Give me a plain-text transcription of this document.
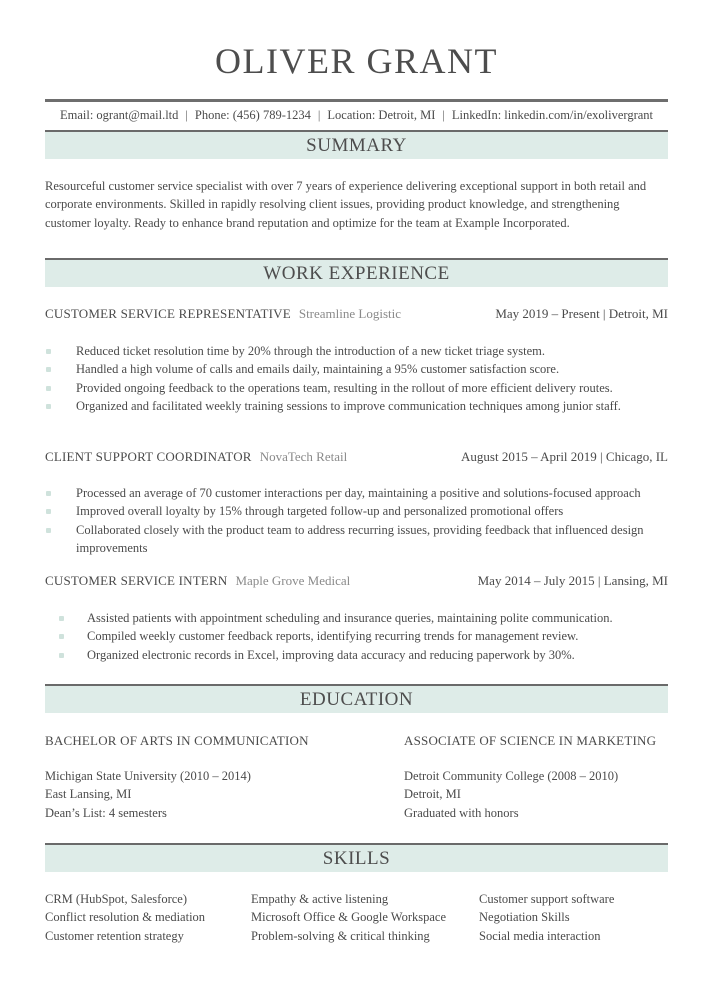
OLIVER GRANT
Email: ogrant@mail.ltd | Phone: (456) 789-1234 | Location: Detroit, MI | LinkedIn: linkedin.com/in/exolivergrant
SUMMARY

Resourceful customer service specialist with over 7 years of experience delivering exceptional support in both retail and corporate environments. Skilled in rapidly resolving client issues, providing product knowledge, and strengthening customer loyalty. Ready to enhance brand reputation and optimize for the team at Example Incorporated.

WORK EXPERIENCE
CUSTOMER SERVICE REPRESENTATIVE Streamline Logistic	May 2019 – Present | Detroit, MI
Reduced ticket resolution time by 20% through the introduction of a new ticket triage system.
Handled a high volume of calls and emails daily, maintaining a 95% customer satisfaction score.
Provided ongoing feedback to the operations team, resulting in the rollout of more efficient delivery routes.
Organized and facilitated weekly training sessions to improve communication techniques among junior staff.
CLIENT SUPPORT COORDINATOR NovaTech Retail	August 2015 – April 2019 | Chicago, IL
Processed an average of 70 customer interactions per day, maintaining a positive and solutions-focused approach
Improved overall loyalty by 15% through targeted follow-up and personalized promotional offers
Collaborated closely with the product team to address recurring issues, providing feedback that influenced design improvements
CUSTOMER SERVICE INTERN Maple Grove Medical	May 2014 – July 2015 | Lansing, MI
Assisted patients with appointment scheduling and insurance queries, maintaining polite communication.
Compiled weekly customer feedback reports, identifying recurring trends for management review.
Organized electronic records in Excel, improving data accuracy and reducing paperwork by 30%.
EDUCATION
BACHELOR OF ARTS IN COMMUNICATION
Michigan State University (2010 – 2014)
East Lansing, MI
Dean’s List: 4 semesters
ASSOCIATE OF SCIENCE IN MARKETING
Detroit Community College (2008 – 2010)
Detroit, MI
Graduated with honors
SKILLS
CRM (HubSpot, Salesforce)
Conflict resolution & mediation
Customer retention strategy
Empathy & active listening
Microsoft Office & Google Workspace
Problem-solving & critical thinking
Customer support software
Negotiation Skills
Social media interaction
